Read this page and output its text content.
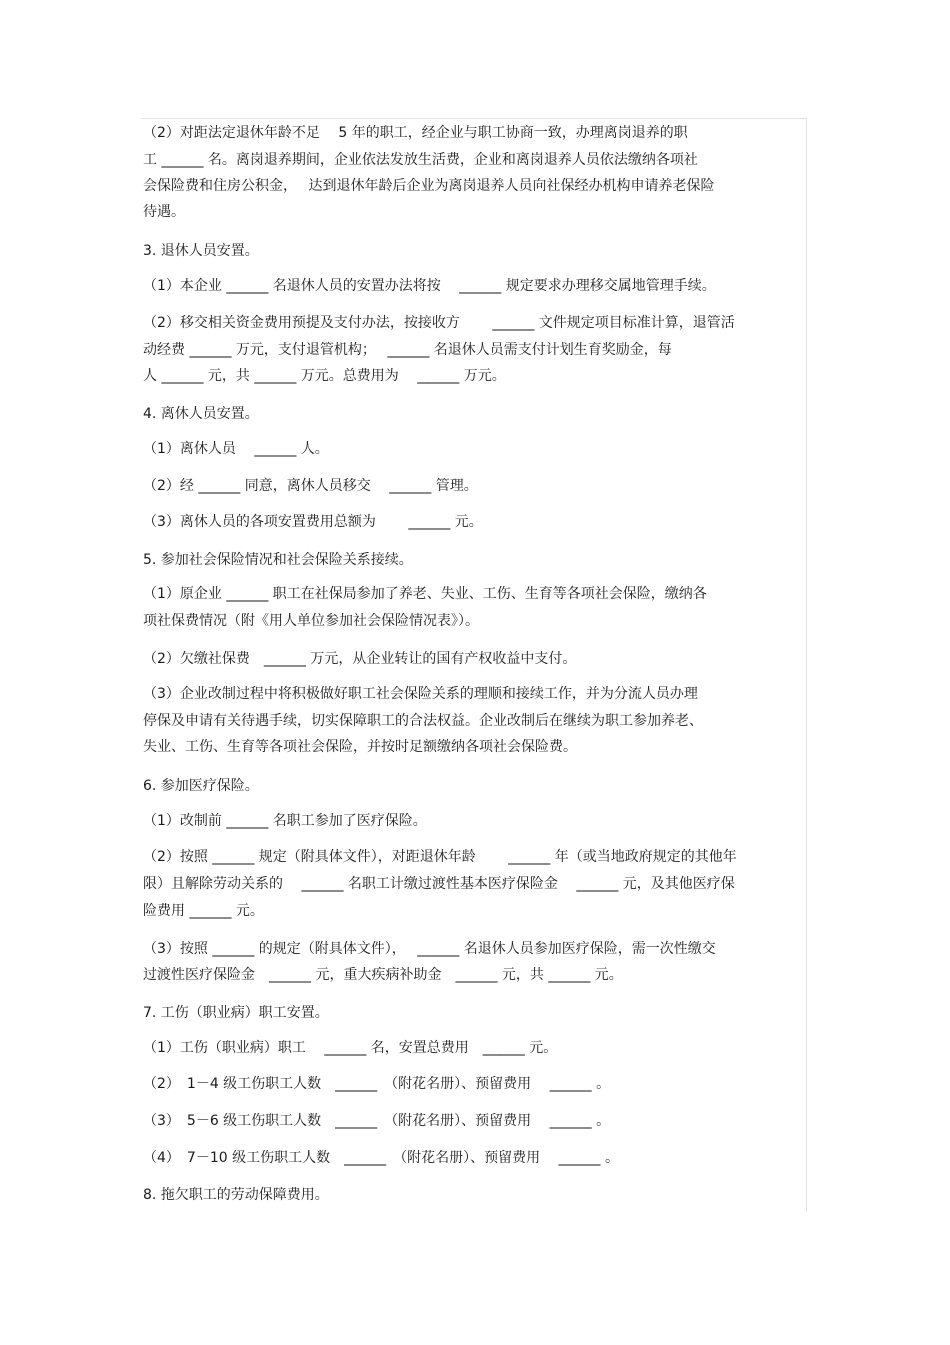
（2）对距法定退休年龄不足　 5 年的职工，经企业与职工协商一致，办理离岗退养的职
工 ______ 名。离岗退养期间，企业依法发放生活费，企业和离岗退养人员依法缴纳各项社
会保险费和住房公积金，　 达到退休年龄后企业为离岗退养人员向社保经办机构申请养老保险
待遇。
3. 退休人员安置。
（1）本企业 ______ 名退休人员的安置办法将按　 ______ 规定要求办理移交属地管理手续。
（2）移交相关资金费用预提及支付办法，按接收方　　 ______ 文件规定项目标准计算，退管活
动经费 ______ 万元，支付退管机构；　 ______ 名退休人员需支付计划生育奖励金，每
人 ______ 元，共 ______ 万元。总费用为　 ______ 万元。
4. 离休人员安置。
（1）离休人员　 ______ 人。
（2）经 ______ 同意，离休人员移交　 ______ 管理。
（3）离休人员的各项安置费用总额为　　 ______ 元。
5. 参加社会保险情况和社会保险关系接续。
（1）原企业 ______ 职工在社保局参加了养老、失业、工伤、生育等各项社会保险，缴纳各
项社保费情况（附《用人单位参加社会保险情况表》）。
（2）欠缴社保费　______ 万元，从企业转让的国有产权收益中支付。
（3）企业改制过程中将积极做好职工社会保险关系的理顺和接续工作，并为分流人员办理
停保及申请有关待遇手续，切实保障职工的合法权益。企业改制后在继续为职工参加养老、
失业、工伤、生育等各项社会保险，并按时足额缴纳各项社会保险费。
6. 参加医疗保险。
（1）改制前 ______ 名职工参加了医疗保险。
（2）按照 ______ 规定（附具体文件），对距退休年龄　　 ______ 年（或当地政府规定的其他年
限）且解除劳动关系的　 ______ 名职工计缴过渡性基本医疗保险金　 ______ 元，及其他医疗保
险费用 ______ 元。
（3）按照 ______ 的规定（附具体文件），　 ______ 名退休人员参加医疗保险，需一次性缴交
过渡性医疗保险金　______ 元，重大疾病补助金　______ 元，共 ______ 元。
7. 工伤（职业病）职工安置。
（1）工伤（职业病）职工　 ______ 名，安置总费用　______ 元。
（2）　1－4 级工伤职工人数　______　（附花名册）、预留费用　 ______ 。
（3）　5－6 级工伤职工人数　______　（附花名册）、预留费用　 ______ 。
（4）　7－10 级工伤职工人数　______　（附花名册）、预留费用　 ______ 。
8. 拖欠职工的劳动保障费用。
